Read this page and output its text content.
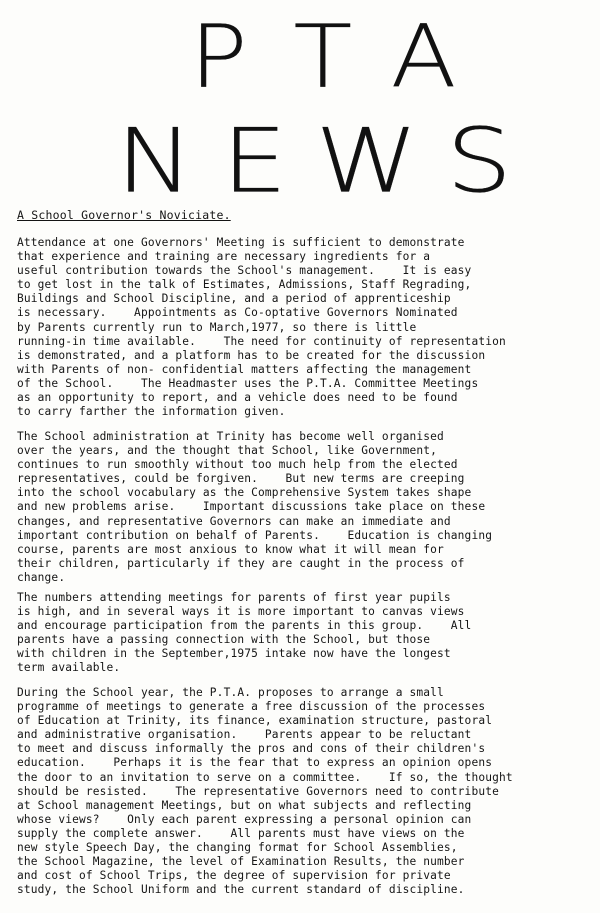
PTA
NEWS
A School Governor's Noviciate.
Attendance at one Governors' Meeting is sufficient to demonstrate
that experience and training are necessary ingredients for a
useful contribution towards the School's management.    It is easy
to get lost in the talk of Estimates, Admissions, Staff Regrading,
Buildings and School Discipline, and a period of apprenticeship
is necessary.    Appointments as Co-optative Governors Nominated
by Parents currently run to March,1977, so there is little
running-in time available.    The need for continuity of representation
is demonstrated, and a platform has to be created for the discussion
with Parents of non- confidential matters affecting the management
of the School.    The Headmaster uses the P.T.A. Committee Meetings
as an opportunity to report, and a vehicle does need to be found
to carry farther the information given.
The School administration at Trinity has become well organised
over the years, and the thought that School, like Government,
continues to run smoothly without too much help from the elected
representatives, could be forgiven.    But new terms are creeping
into the school vocabulary as the Comprehensive System takes shape
and new problems arise.    Important discussions take place on these
changes, and representative Governors can make an immediate and
important contribution on behalf of Parents.    Education is changing
course, parents are most anxious to know what it will mean for
their children, particularly if they are caught in the process of
change.
The numbers attending meetings for parents of first year pupils
is high, and in several ways it is more important to canvas views
and encourage participation from the parents in this group.    All
parents have a passing connection with the School, but those
with children in the September,1975 intake now have the longest
term available.
During the School year, the P.T.A. proposes to arrange a small
programme of meetings to generate a free discussion of the processes
of Education at Trinity, its finance, examination structure, pastoral
and administrative organisation.    Parents appear to be reluctant
to meet and discuss informally the pros and cons of their children's
education.    Perhaps it is the fear that to express an opinion opens
the door to an invitation to serve on a committee.    If so, the thought
should be resisted.    The representative Governors need to contribute
at School management Meetings, but on what subjects and reflecting
whose views?    Only each parent expressing a personal opinion can
supply the complete answer.    All parents must have views on the
new style Speech Day, the changing format for School Assemblies,
the School Magazine, the level of Examination Results, the number
and cost of School Trips, the degree of supervision for private
study, the School Uniform and the current standard of discipline.
